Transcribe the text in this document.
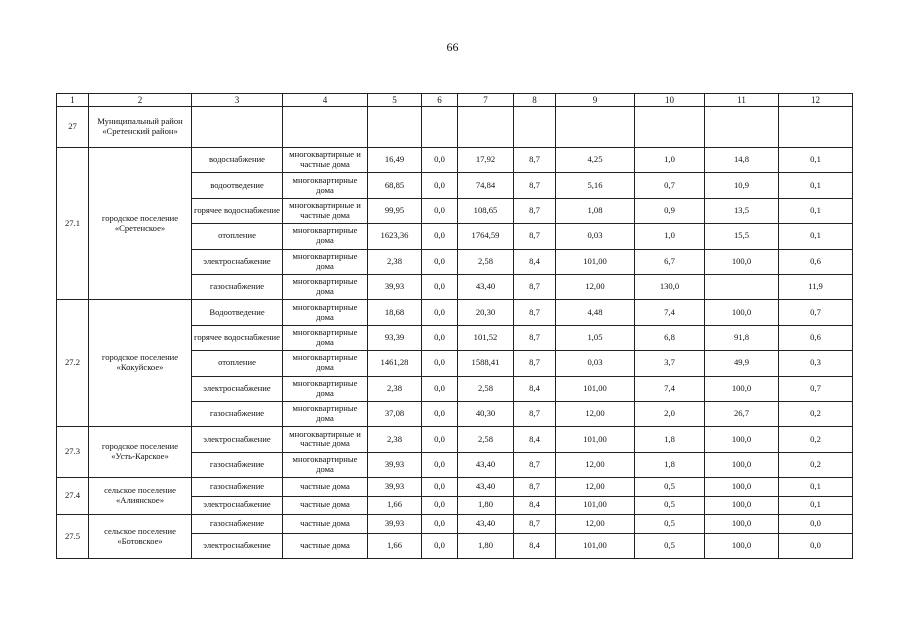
66
1	2	3	4	5	6	7	8	9	10	11	12
27	Муниципальный район «Сретенский район»										
27.1	городское поселение «Сретенское»	водоснабжение	многоквартирные и частные дома	16,49	0,0	17,92	8,7	4,25	1,0	14,8	0,1
		водоотведение	многоквартирные дома	68,85	0,0	74,84	8,7	5,16	0,7	10,9	0,1
		горячее водоснабжение	многоквартирные и частные дома	99,95	0,0	108,65	8,7	1,08	0,9	13,5	0,1
		отопление	многоквартирные дома	1623,36	0,0	1764,59	8,7	0,03	1,0	15,5	0,1
		электроснабжение	многоквартирные дома	2,38	0,0	2,58	8,4	101,00	6,7	100,0	0,6
		газоснабжение	многоквартирные дома	39,93	0,0	43,40	8,7	12,00	130,0		11,9
27.2	городское поселение «Кокуйское»	Водоотведение	многоквартирные дома	18,68	0,0	20,30	8,7	4,48	7,4	100,0	0,7
		горячее водоснабжение	многоквартирные дома	93,39	0,0	101,52	8,7	1,05	6,8	91,8	0,6
		отопление	многоквартирные дома	1461,28	0,0	1588,41	8,7	0,03	3,7	49,9	0,3
		электроснабжение	многоквартирные дома	2,38	0,0	2,58	8,4	101,00	7,4	100,0	0,7
		газоснабжение	многоквартирные дома	37,08	0,0	40,30	8,7	12,00	2,0	26,7	0,2
27.3	городское поселение «Усть-Карское»	электроснабжение	многоквартирные и частные дома	2,38	0,0	2,58	8,4	101,00	1,8	100,0	0,2
		газоснабжение	многоквартирные дома	39,93	0,0	43,40	8,7	12,00	1,8	100,0	0,2
27.4	сельское поселение «Алиянское»	газоснабжение	частные дома	39,93	0,0	43,40	8,7	12,00	0,5	100,0	0,1
		электроснабжение	частные дома	1,66	0,0	1,80	8,4	101,00	0,5	100,0	0,1
27.5	сельское поселение «Ботовское»	газоснабжение	частные дома	39,93	0,0	43,40	8,7	12,00	0,5	100,0	0,0
		электроснабжение	частные дома	1,66	0,0	1,80	8,4	101,00	0,5	100,0	0,0
